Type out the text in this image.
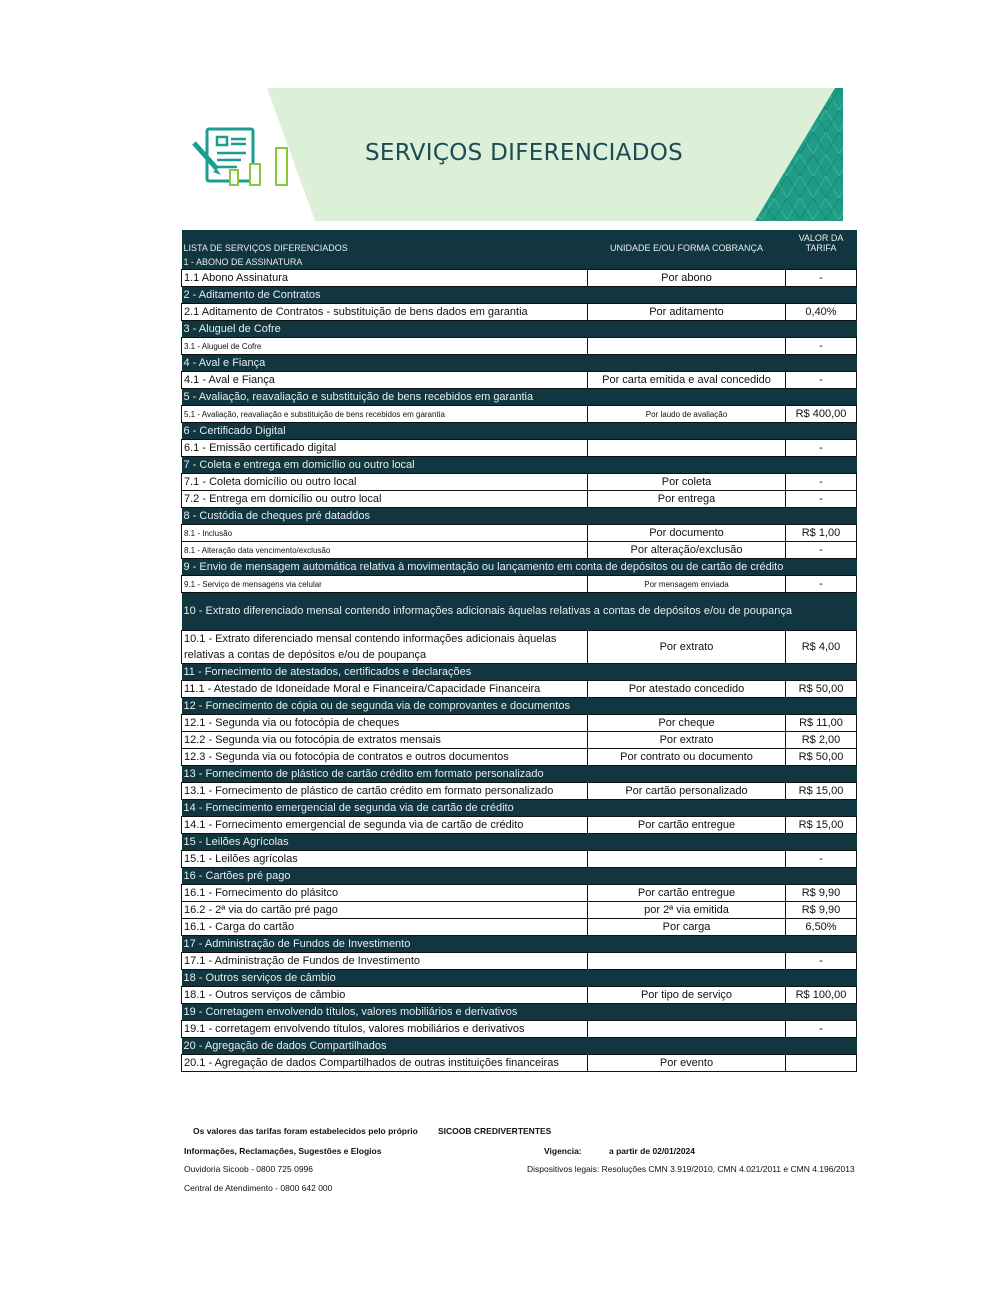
SERVIÇOS DIFERENCIADOS
LISTA DE SERVIÇOS DIFERENCIADOS	UNIDADE E/OU FORMA COBRANÇA	VALOR DA TARIFA
1 - ABONO DE ASSINATURA		
1.1 Abono Assinatura	Por abono	-
2 - Aditamento de Contratos		
2.1 Aditamento de Contratos - substituição de bens dados em garantia	Por aditamento	0,40%
3 - Aluguel de Cofre		
3.1 - Aluguel de Cofre		-
4 - Aval e Fiança		
4.1 - Aval e Fiança	Por carta emitida e aval concedido	-
5 - Avaliação, reavaliação e substituição de bens recebidos em garantia		
5.1 - Avaliação, reavaliação e substituição de bens recebidos em garantia	Por laudo de avaliação	R$ 400,00
6 - Certificado Digital		
6.1 - Emissão certificado digital		-
7 - Coleta e entrega em domicílio ou outro local		
7.1 - Coleta domicílio ou outro local	Por coleta	-
7.2 - Entrega em domicílio ou outro local	Por entrega	-
8 - Custódia de cheques pré dataddos		
8.1 - Inclusão	Por documento	R$ 1,00
8.1 - Alteração data vencimento/exclusão	Por alteração/exclusão	-
9 - Envio de mensagem automática relativa à movimentação ou lançamento em conta de depósitos ou de cartão de crédito		
9.1 - Serviço de mensagens via celular	Por mensagem enviada	-
10 - Extrato diferenciado mensal contendo informações adicionais àquelas relativas a contas de depósitos e/ou de poupança		
10.1 - Extrato diferenciado mensal contendo informações adicionais àquelas relativas a contas de depósitos e/ou de poupança	Por extrato	R$ 4,00
11 - Fornecimento de atestados, certificados e declarações		
11.1 - Atestado de Idoneidade Moral e Financeira/Capacidade Financeira	Por atestado concedido	R$ 50,00
12 - Fornecimento de cópia ou de segunda via de comprovantes e documentos		
12.1 - Segunda via ou fotocópia de cheques	Por cheque	R$ 11,00
12.2 - Segunda via ou fotocópia de extratos mensais	Por extrato	R$ 2,00
12.3 - Segunda via ou fotocópia de contratos e outros documentos	Por contrato ou documento	R$ 50,00
13 - Fornecimento de plástico de cartão crédito em formato personalizado		
13.1 - Fornecimento de plástico de cartão crédito em formato personalizado	Por cartão personalizado	R$ 15,00
14 - Fornecimento emergencial de segunda via de cartão de crédito		
14.1 - Fornecimento emergencial de segunda via de cartão de crédito	Por cartão entregue	R$ 15,00
15 - Leilões Agrícolas		
15.1 - Leilões agrícolas		-
16 - Cartões pré pago		
16.1 - Fornecimento do plásitco	Por cartão entregue	R$ 9,90
16.2 - 2ª via do cartão pré pago	por 2ª via emitida	R$ 9,90
16.1 - Carga do cartão	Por carga	6,50%
17 - Administração de Fundos de Investimento		
17.1 - Administração de Fundos de Investimento		-
18 - Outros serviços de câmbio		
18.1 - Outros serviços de câmbio	Por tipo de serviço	R$ 100,00
19 - Corretagem envolvendo títulos, valores mobiliários e derivativos		
19.1 - corretagem envolvendo títulos, valores mobiliários e derivativos		-
20 - Agregação de dados Compartilhados		
20.1 - Agregação de dados Compartilhados de outras instituições financeiras	Por evento	
Os valores das tarifas foram estabelecidos pelo próprio SICOOB CREDIVERTENTES
Informações, Reclamações, Sugestões e Elogios	Vigencia:	a partir de 02/01/2024
Ouvidoria Sicoob - 0800 725 0996	Dispositivos legais: Resoluções CMN 3.919/2010, CMN 4.021/2011 e CMN 4.196/2013
Central de Atendimento - 0800 642 000
